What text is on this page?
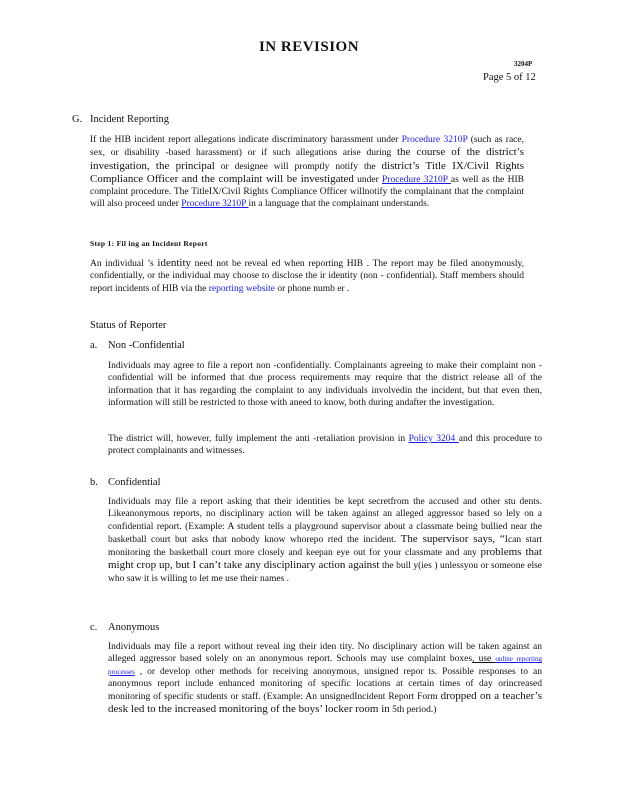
IN REVISION
3204P
Page 5 of 12
G. Incident Reporting
If the HIB incident report allegations indicate discriminatory harassment under Procedure 3210P (such as race, sex, or disability -based harassment) or if such allegations arise during the course of the district’s investigation, the principal or designee will promptly notify the district’s Title IX/Civil Rights Compliance Officer and the complaint will be investigated under Procedure 3210P as well as the HIB complaint procedure. The TitleIX/Civil Rights Compliance Officer willnotify the complainant that the complaint will also proceed under Procedure 3210P in a language that the complainant understands.
Step 1: Fil ing an Incident Report
An individual ’s identity need not be reveal ed when reporting HIB . The report may be filed anonymously, confidentially, or the individual may choose to disclose the ir identity (non - confidential). Staff members should report incidents of HIB via the reporting website or phone numb er .
Status of Reporter
a. Non -Confidential
Individuals may agree to file a report non -confidentially. Complainants agreeing to make their complaint non -confidential will be informed that due process requirements may require that the district release all of the information that it has regarding the complaint to any individuals involvedin the incident, but that even then, information will still be restricted to those with aneed to know, both during andafter the investigation.
The district will, however, fully implement the anti -retaliation provision in Policy 3204 and this procedure to protect complainants and witnesses.
b. Confidential
Individuals may file a report asking that their identities be kept secretfrom the accused and other stu dents. Likeanonymous reports, no disciplinary action will be taken against an alleged aggressor based so lely on a confidential report. (Example: A student tells a playground supervisor about a classmate being bullied near the basketball court but asks that nobody know whorepo rted the incident. The supervisor says, “Ican start monitoring the basketball court more closely and keepan eye out for your classmate and any problems that might crop up, but I can’t take any disciplinary action against the bull y(ies ) unlessyou or someone else who saw it is willing to let me use their names .
c. Anonymous
Individuals may file a report without reveal ing their iden tity. No disciplinary action will be taken against an alleged aggressor based solely on an anonymous report. Schools may use complaint boxes, use online reporting processes , or develop other methods for receiving anonymous, unsigned repor ts. Possible responses to an anonymous report include enhanced monitoring of specific locations at certain times of day orincreased monitoring of specific students or staff. (Example: An unsignedIncident Report Form dropped on a teacher’s desk led to the increased monitoring of the boys’ locker room in 5th period.)
